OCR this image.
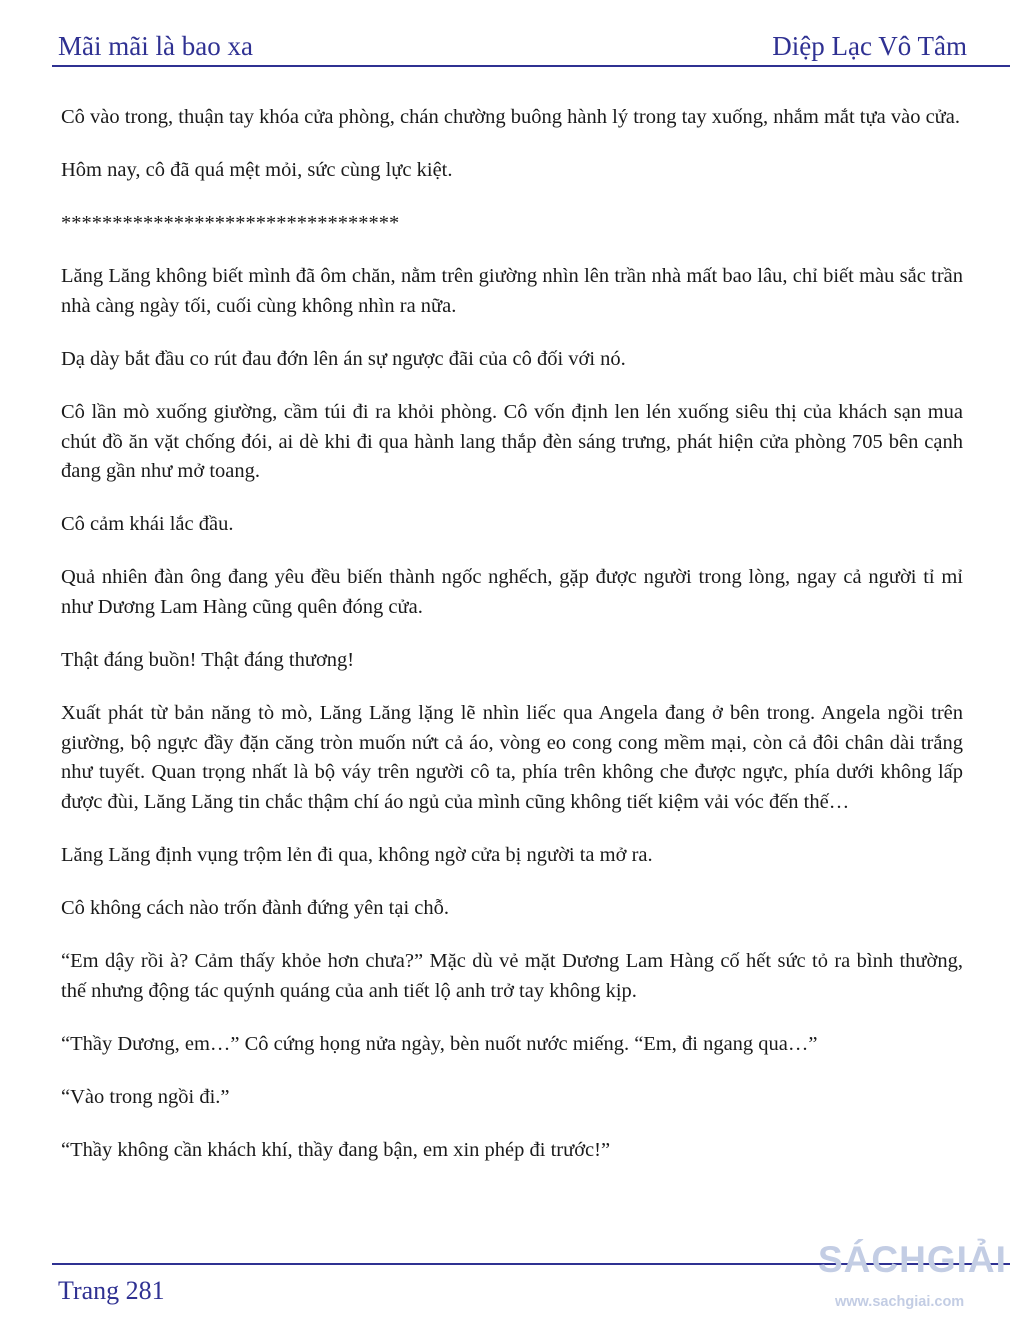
Mãi mãi là bao xa	Diệp Lạc Vô Tâm

Cô vào trong, thuận tay khóa cửa phòng, chán chường buông hành lý trong tay xuống, nhắm mắt tựa vào cửa.

Hôm nay, cô đã quá mệt mỏi, sức cùng lực kiệt.

*********************************

Lăng Lăng không biết mình đã ôm chăn, nằm trên giường nhìn lên trần nhà mất bao lâu, chỉ biết màu sắc trần nhà càng ngày tối, cuối cùng không nhìn ra nữa.

Dạ dày bắt đầu co rút đau đớn lên án sự ngược đãi của cô đối với nó.

Cô lần mò xuống giường, cầm túi đi ra khỏi phòng. Cô vốn định len lén xuống siêu thị của khách sạn mua chút đồ ăn vặt chống đói, ai dè khi đi qua hành lang thắp đèn sáng trưng, phát hiện cửa phòng 705 bên cạnh đang gần như mở toang.

Cô cảm khái lắc đầu.

Quả nhiên đàn ông đang yêu đều biến thành ngốc nghếch, gặp được người trong lòng, ngay cả người tỉ mỉ như Dương Lam Hàng cũng quên đóng cửa.

Thật đáng buồn! Thật đáng thương!

Xuất phát từ bản năng tò mò, Lăng Lăng lặng lẽ nhìn liếc qua Angela đang ở bên trong. Angela ngồi trên giường, bộ ngực đầy đặn căng tròn muốn nứt cả áo, vòng eo cong cong mềm mại, còn cả đôi chân dài trắng như tuyết. Quan trọng nhất là bộ váy trên người cô ta, phía trên không che được ngực, phía dưới không lấp được đùi, Lăng Lăng tin chắc thậm chí áo ngủ của mình cũng không tiết kiệm vải vóc đến thế…

Lăng Lăng định vụng trộm lẻn đi qua, không ngờ cửa bị người ta mở ra.

Cô không cách nào trốn đành đứng yên tại chỗ.

“Em dậy rồi à? Cảm thấy khỏe hơn chưa?” Mặc dù vẻ mặt Dương Lam Hàng cố hết sức tỏ ra bình thường, thế nhưng động tác quýnh quáng của anh tiết lộ anh trở tay không kịp.

“Thầy Dương, em…” Cô cứng họng nửa ngày, bèn nuốt nước miếng. “Em, đi ngang qua…”

“Vào trong ngồi đi.”

“Thầy không cần khách khí, thầy đang bận, em xin phép đi trước!”

Trang 281
SÁCHGIẢI
www.sachgiai.com
